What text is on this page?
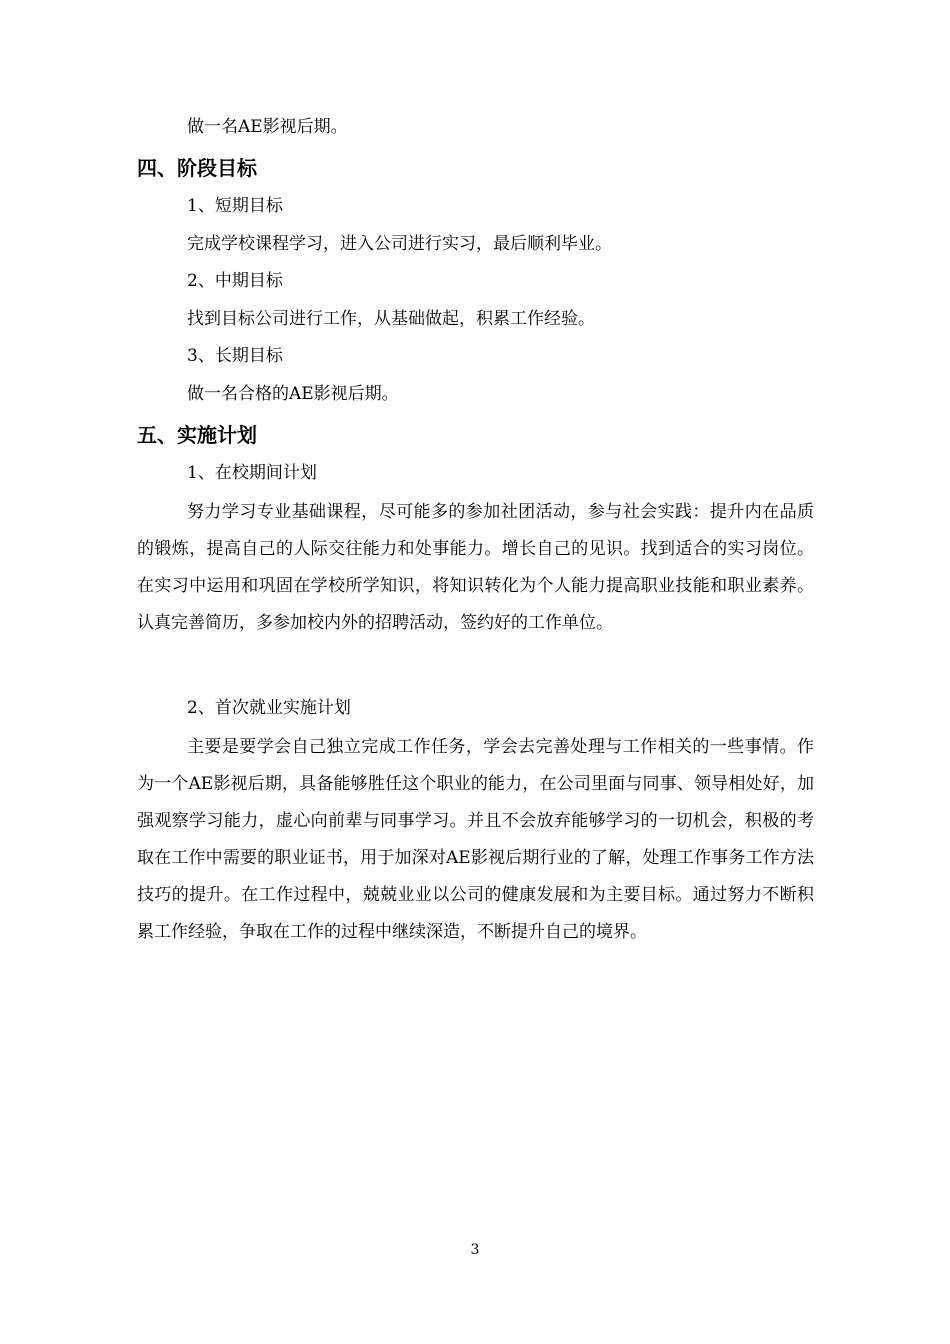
做一名AE影视后期。
四、阶段目标
1、短期目标
完成学校课程学习，进入公司进行实习，最后顺利毕业。
2、中期目标
找到目标公司进行工作，从基础做起，积累工作经验。
3、长期目标
做一名合格的AE影视后期。
五、实施计划
1、在校期间计划
努力学习专业基础课程，尽可能多的参加社团活动，参与社会实践：提升内在品质的锻炼，提高自己的人际交往能力和处事能力。增长自己的见识。找到适合的实习岗位。在实习中运用和巩固在学校所学知识，将知识转化为个人能力提高职业技能和职业素养。认真完善简历，多参加校内外的招聘活动，签约好的工作单位。
2、首次就业实施计划
主要是要学会自己独立完成工作任务，学会去完善处理与工作相关的一些事情。作为一个AE影视后期，具备能够胜任这个职业的能力，在公司里面与同事、领导相处好，加强观察学习能力，虚心向前辈与同事学习。并且不会放弃能够学习的一切机会，积极的考取在工作中需要的职业证书，用于加深对AE影视后期行业的了解，处理工作事务工作方法技巧的提升。在工作过程中，兢兢业业以公司的健康发展和为主要目标。通过努力不断积累工作经验，争取在工作的过程中继续深造，不断提升自己的境界。
3
